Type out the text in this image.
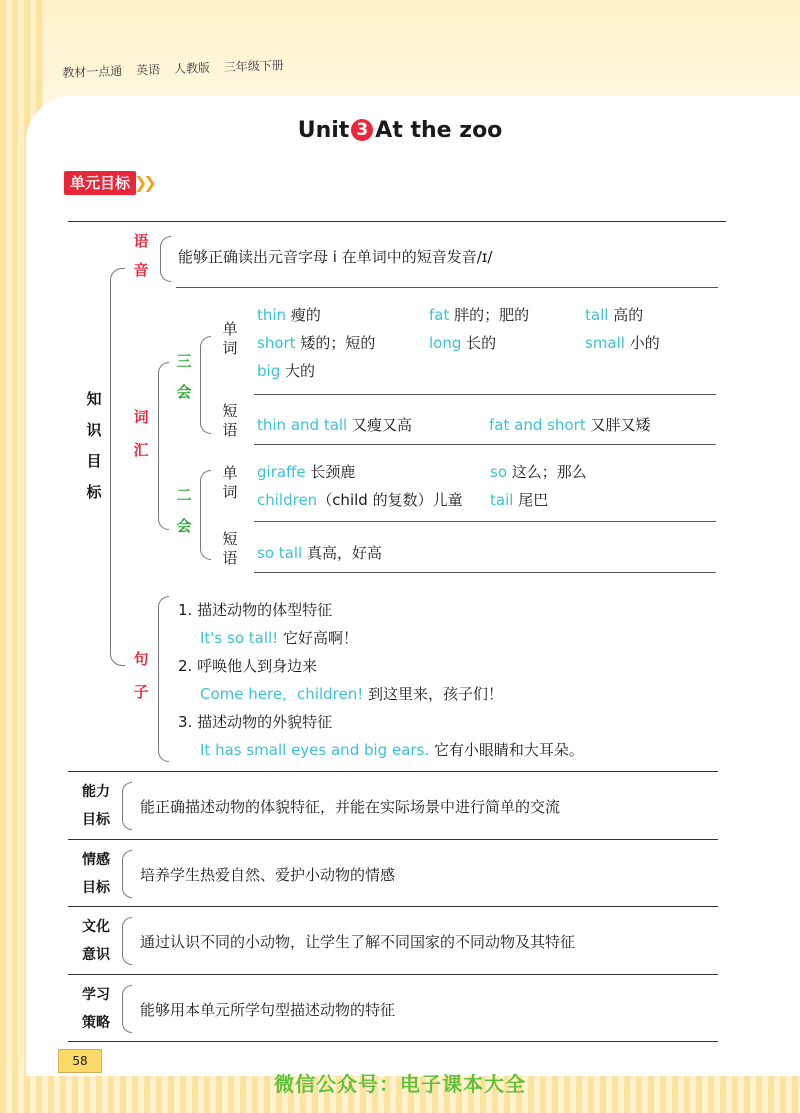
教材一点通 英语 人教版 三年级下册
Unit 3 At the zoo
单元目标 ❯❯
知
识
目
标
语
音
能够正确读出元音字母 i 在单词中的短音发音/ɪ/
词
汇
三
会
单
词
thin 瘦的	fat 胖的；肥的	tall 高的
short 矮的；短的	long 长的	small 小的
big 大的
短
语 thin and tall 又瘦又高	fat and short 又胖又矮
二
会
单
词
giraffe 长颈鹿	so 这么；那么
children（child 的复数）儿童 tail 尾巴
短
语 so tall 真高，好高
句
子
1. 描述动物的体型特征
It's so tall! 它好高啊！
2. 呼唤他人到身边来
Come here，children! 到这里来，孩子们！
3. 描述动物的外貌特征
It has small eyes and big ears. 它有小眼睛和大耳朵。
能力
目标
能正确描述动物的体貌特征，并能在实际场景中进行简单的交流
情感
目标
培养学生热爱自然、爱护小动物的情感
文化
意识
通过认识不同的小动物，让学生了解不同国家的不同动物及其特征
学习
策略
能够用本单元所学句型描述动物的特征
58
微信公众号：电子课本大全
